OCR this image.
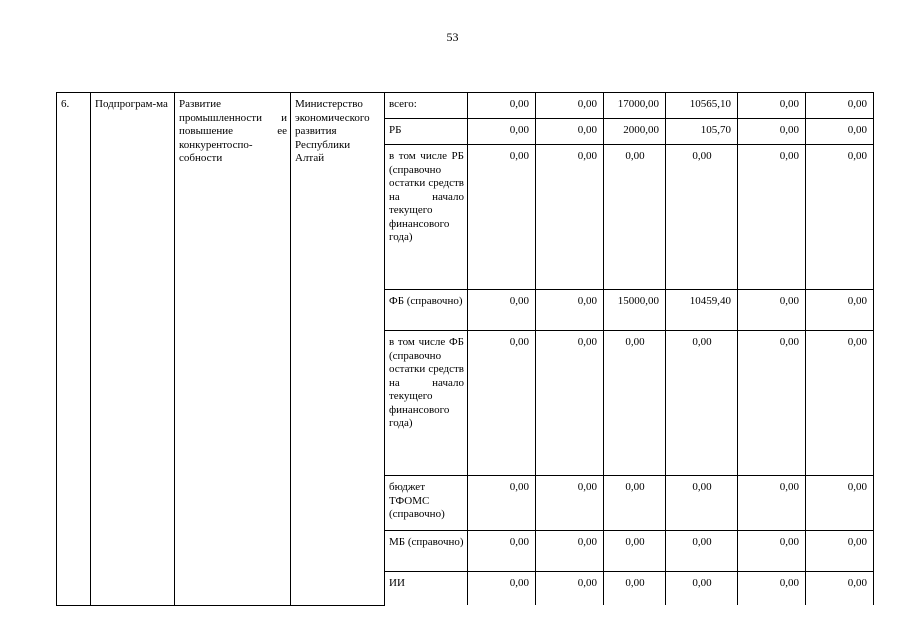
53
6.	Подпрограм-ма	Развитие промышленности и повышение ее конкурентоспо-собности	Министерство экономического развития Республики Алтай	всего:	0,00	0,00	17000,00	10565,10	0,00	0,00
				РБ	0,00	0,00	2000,00	105,70	0,00	0,00
				в том числе РБ (справочно остатки средств на начало текущего финансового года)	0,00	0,00	0,00	0,00	0,00	0,00
				ФБ (справочно)	0,00	0,00	15000,00	10459,40	0,00	0,00
				в том числе ФБ (справочно остатки средств на начало текущего финансового года)	0,00	0,00	0,00	0,00	0,00	0,00
				бюджет ТФОМС (справочно)	0,00	0,00	0,00	0,00	0,00	0,00
				МБ (справочно)	0,00	0,00	0,00	0,00	0,00	0,00
				ИИ	0,00	0,00	0,00	0,00	0,00	0,00
